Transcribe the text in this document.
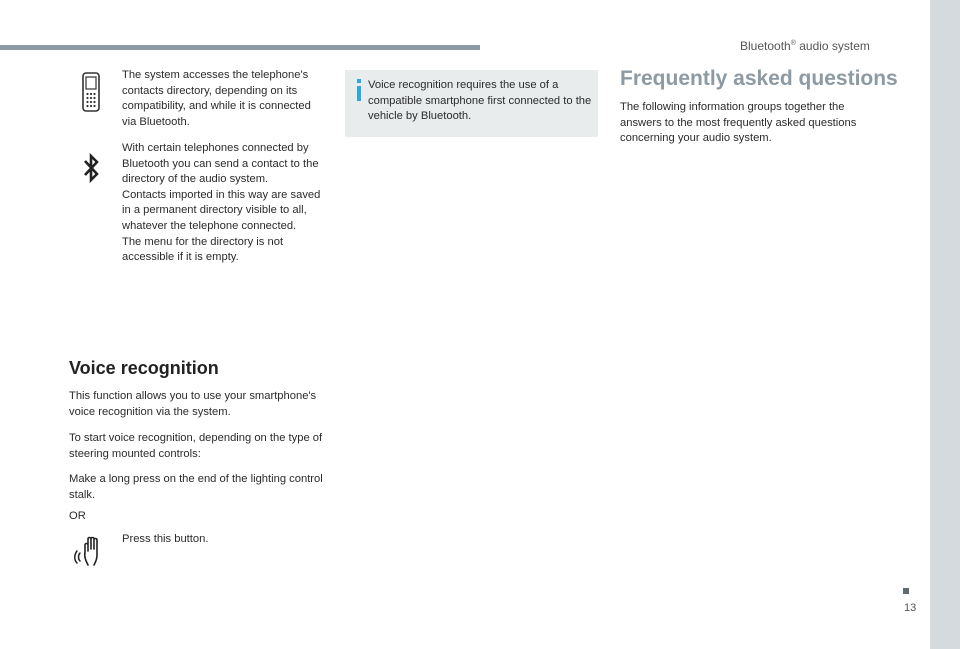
Bluetooth® audio system

The system accesses the telephone's contacts directory, depending on its compatibility, and while it is connected via Bluetooth.

With certain telephones connected by Bluetooth you can send a contact to the directory of the audio system.

Contacts imported in this way are saved in a permanent directory visible to all, whatever the telephone connected.

The menu for the directory is not accessible if it is empty.

Voice recognition

This function allows you to use your smartphone's voice recognition via the system.

To start voice recognition, depending on the type of steering mounted controls:

Make a long press on the end of the lighting control stalk.

OR

Press this button.

Voice recognition requires the use of a compatible smartphone first connected to the vehicle by Bluetooth.

Frequently asked questions

The following information groups together the answers to the most frequently asked questions concerning your audio system.

13
